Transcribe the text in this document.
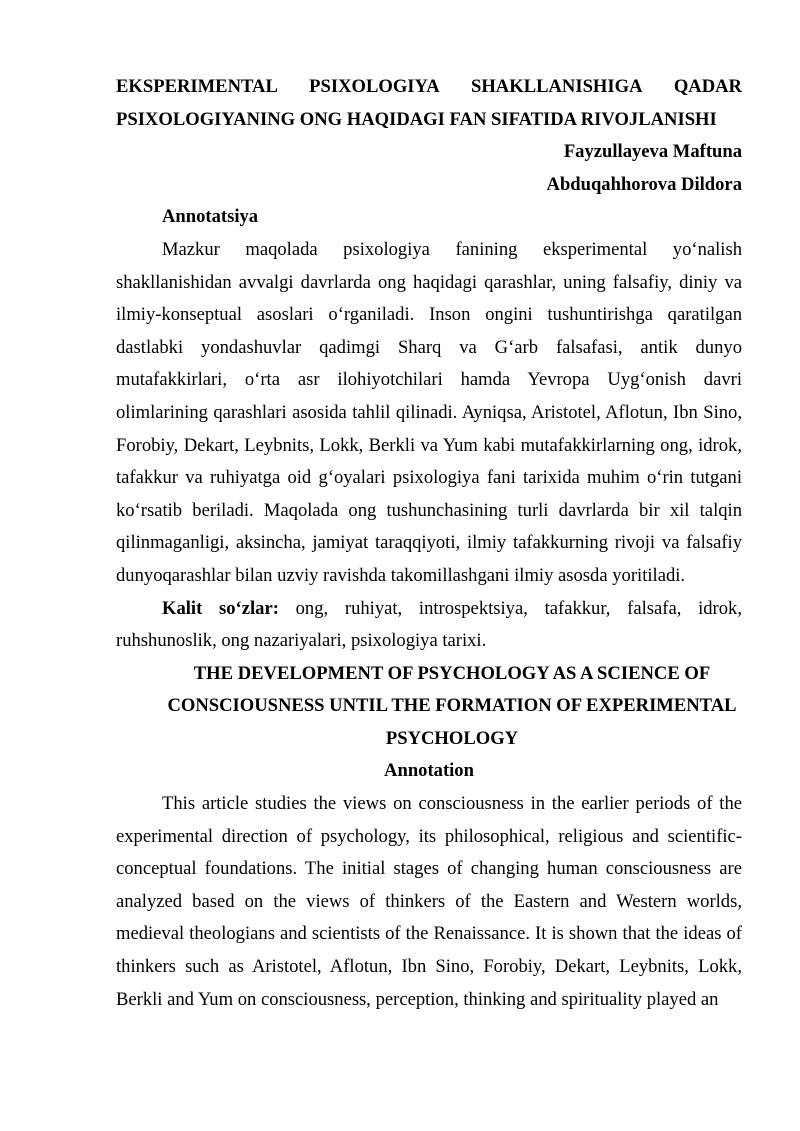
EKSPERIMENTAL PSIXOLOGIYA SHAKLLANISHIGA QADAR PSIXOLOGIYANING ONG HAQIDAGI FAN SIFATIDA RIVOJLANISHI

Fayzullayeva Maftuna

Abduqahhorova Dildora

Annotatsiya

Mazkur maqolada psixologiya fanining eksperimental yo‘nalish shakllanishidan avvalgi davrlarda ong haqidagi qarashlar, uning falsafiy, diniy va ilmiy-konseptual asoslari o‘rganiladi. Inson ongini tushuntirishga qaratilgan dastlabki yondashuvlar qadimgi Sharq va G‘arb falsafasi, antik dunyo mutafakkirlari, o‘rta asr ilohiyotchilari hamda Yevropa Uyg‘onish davri olimlarining qarashlari asosida tahlil qilinadi. Ayniqsa, Aristotel, Aflotun, Ibn Sino, Forobiy, Dekart, Leybnits, Lokk, Berkli va Yum kabi mutafakkirlarning ong, idrok, tafakkur va ruhiyatga oid g‘oyalari psixologiya fani tarixida muhim o‘rin tutgani ko‘rsatib beriladi. Maqolada ong tushunchasining turli davrlarda bir xil talqin qilinmaganligi, aksincha, jamiyat taraqqiyoti, ilmiy tafakkurning rivoji va falsafiy dunyoqarashlar bilan uzviy ravishda takomillashgani ilmiy asosda yoritiladi.

Kalit so‘zlar: ong, ruhiyat, introspektsiya, tafakkur, falsafa, idrok, ruhshunoslik, ong nazariyalari, psixologiya tarixi.

THE DEVELOPMENT OF PSYCHOLOGY AS A SCIENCE OF CONSCIOUSNESS UNTIL THE FORMATION OF EXPERIMENTAL PSYCHOLOGY

Annotation

This article studies the views on consciousness in the earlier periods of the experimental direction of psychology, its philosophical, religious and scientific-conceptual foundations. The initial stages of changing human consciousness are analyzed based on the views of thinkers of the Eastern and Western worlds, medieval theologians and scientists of the Renaissance. It is shown that the ideas of thinkers such as Aristotel, Aflotun, Ibn Sino, Forobiy, Dekart, Leybnits, Lokk, Berkli and Yum on consciousness, perception, thinking and spirituality played an
